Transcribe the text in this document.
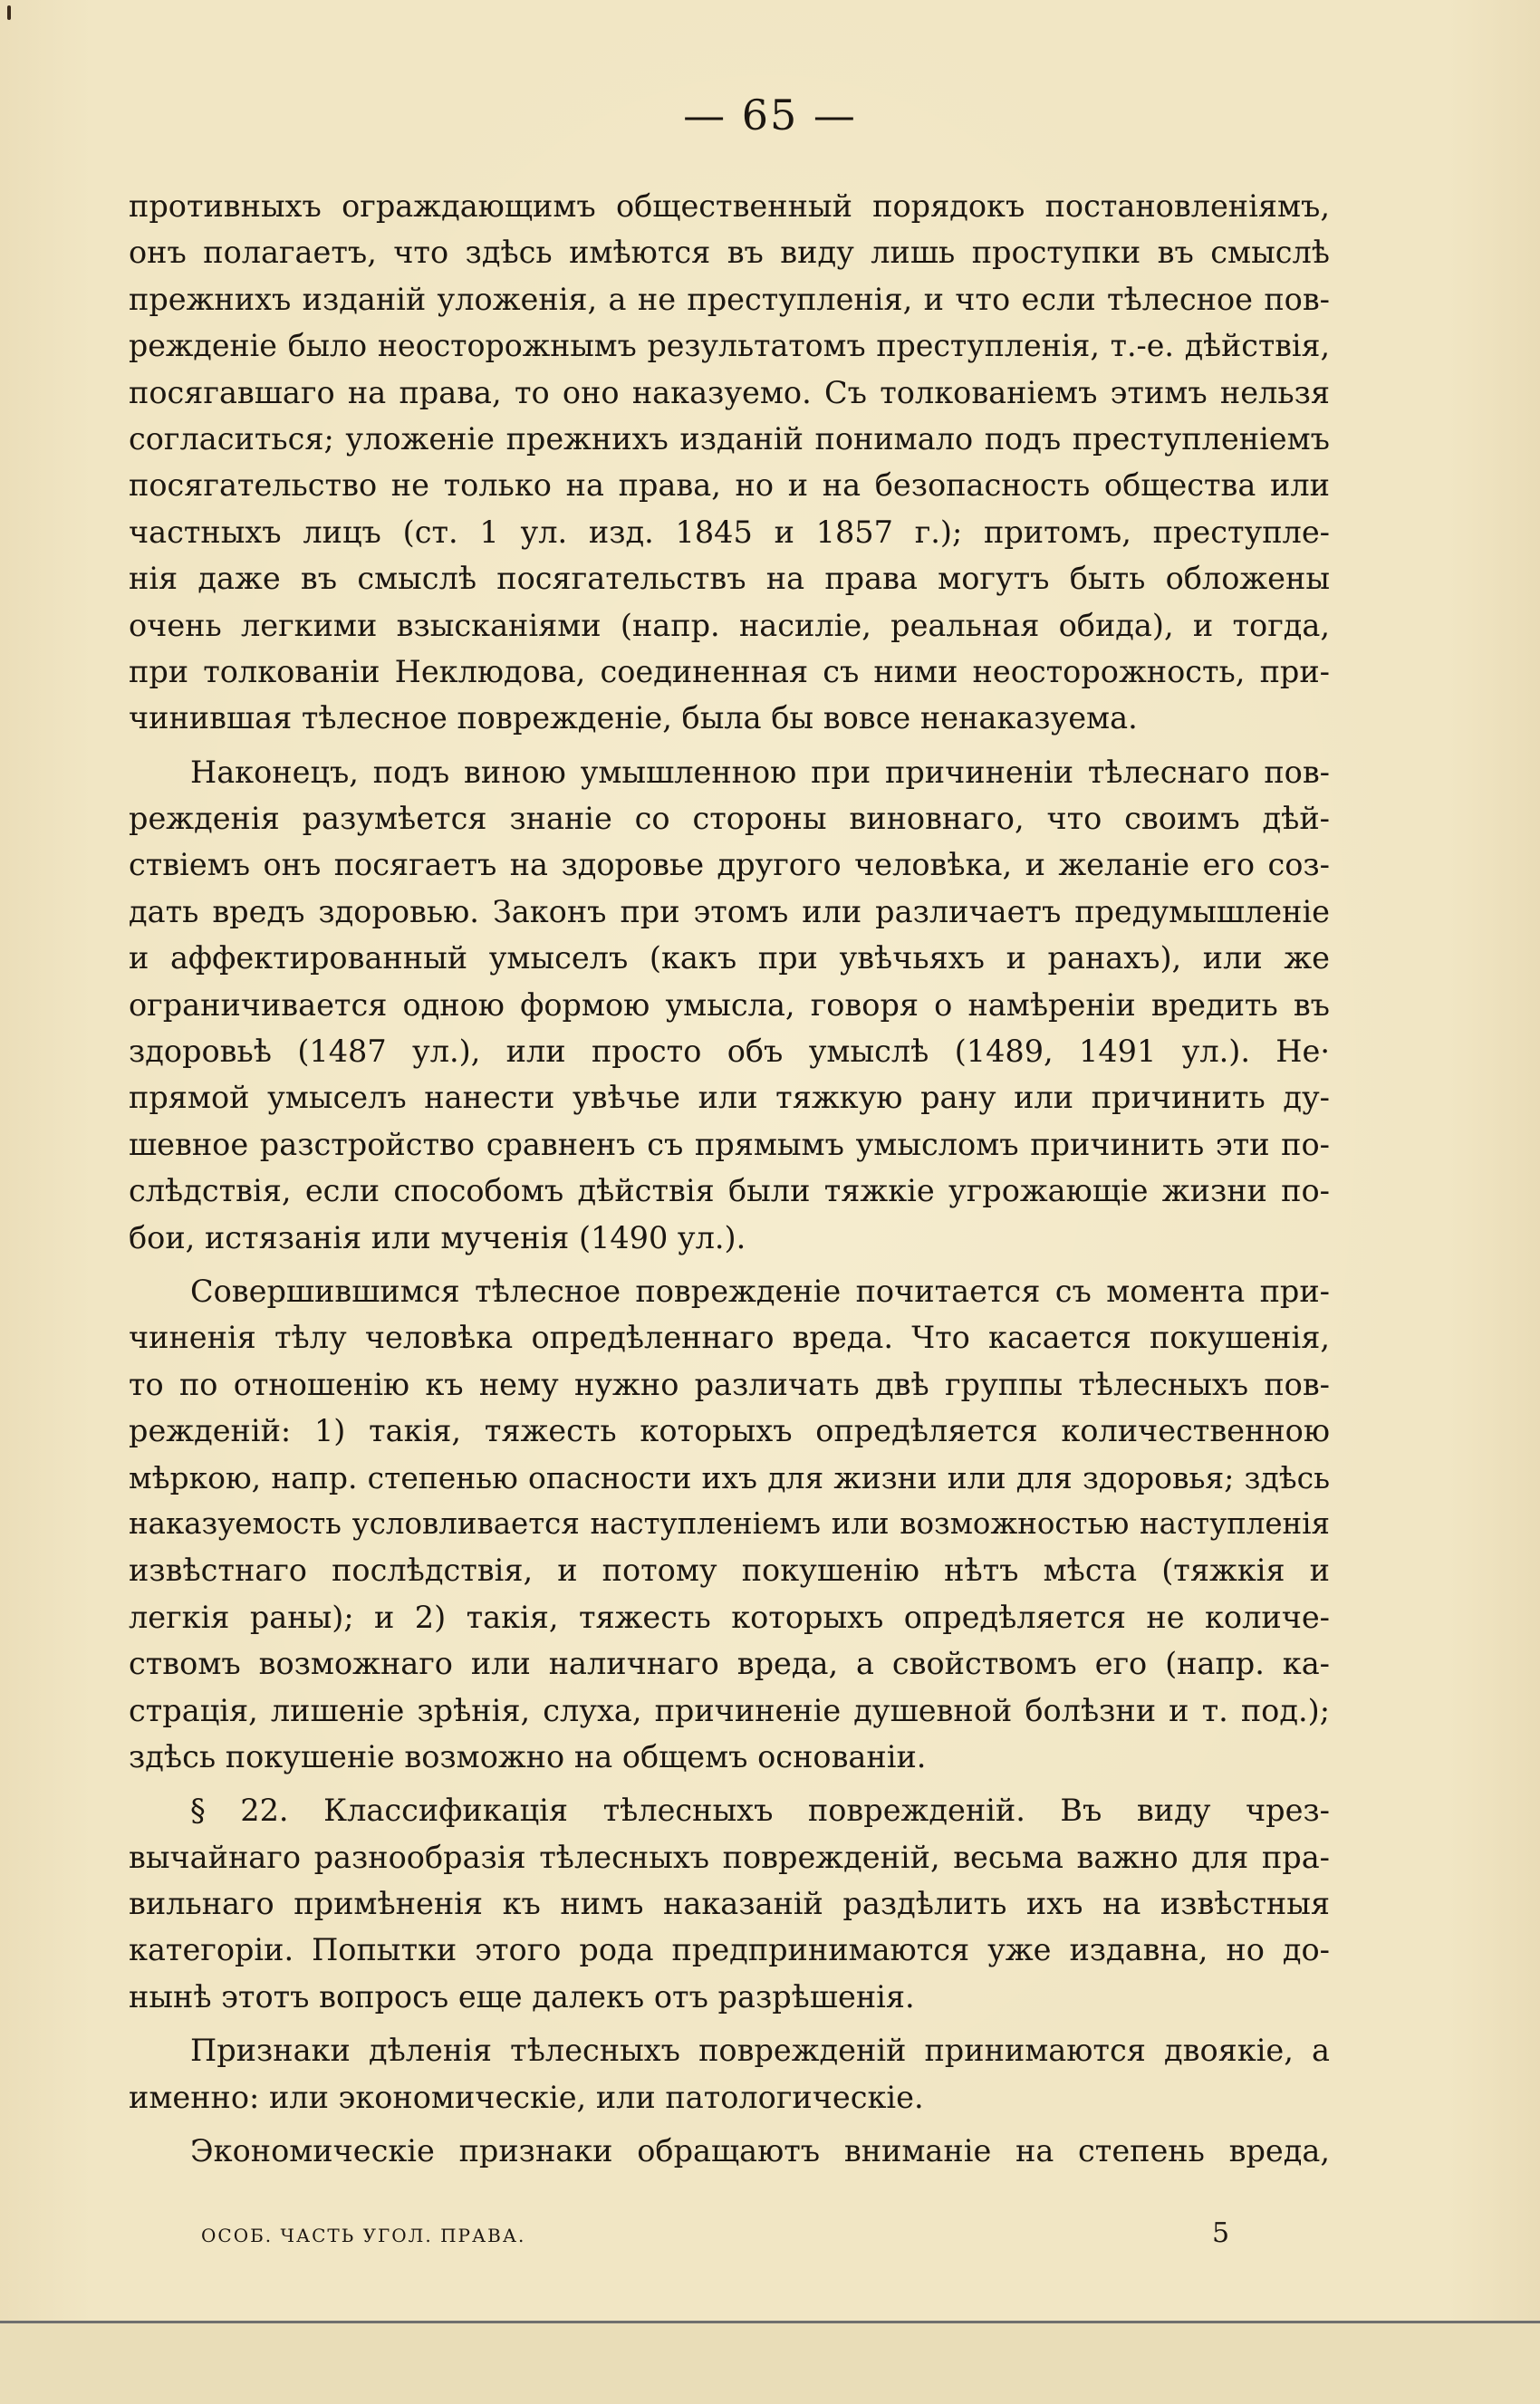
— 65 —
противныхъ ограждающимъ общественный порядокъ постановленіямъ,
онъ полагаетъ, что здѣсь имѣются въ виду лишь проступки въ смыслѣ
прежнихъ изданій уложенія, а не преступленія, и что если тѣлесное пов-
режденіе было неосторожнымъ результатомъ преступленія, т.-е. дѣйствія,
посягавшаго на права, то оно наказуемо. Съ толкованіемъ этимъ нельзя
согласиться; уложеніе прежнихъ изданій понимало подъ преступленіемъ
посягательство не только на права, но и на безопасность общества или
частныхъ лицъ (ст. 1 ул. изд. 1845 и 1857 г.); притомъ, преступле-
нія даже въ смыслѣ посягательствъ на права могутъ быть обложены
очень легкими взысканіями (напр. насиліе, реальная обида), и тогда,
при толкованіи Неклюдова, соединенная съ ними неосторожность, при-
чинившая тѣлесное поврежденіе, была бы вовсе ненаказуема.
Наконецъ, подъ виною умышленною при причиненіи тѣлеснаго пов-
режденія разумѣется знаніе со стороны виновнаго, что своимъ дѣй-
ствіемъ онъ посягаетъ на здоровье другого человѣка, и желаніе его соз-
дать вредъ здоровью. Законъ при этомъ или различаетъ предумышленіе
и аффектированный умыселъ (какъ при увѣчьяхъ и ранахъ), или же
ограничивается одною формою умысла, говоря о намѣреніи вредить въ
здоровьѣ (1487 ул.), или просто объ умыслѣ (1489, 1491 ул.). Не·
прямой умыселъ нанести увѣчье или тяжкую рану или причинить ду-
шевное разстройство сравненъ съ прямымъ умысломъ причинить эти по-
слѣдствія, если способомъ дѣйствія были тяжкіе угрожающіе жизни по-
бои, истязанія или мученія (1490 ул.).
Совершившимся тѣлесное поврежденіе почитается съ момента при-
чиненія тѣлу человѣка опредѣленнаго вреда. Что касается покушенія,
то по отношенію къ нему нужно различать двѣ группы тѣлесныхъ пов-
режденій: 1) такія, тяжесть которыхъ опредѣляется количественною
мѣркою, напр. степенью опасности ихъ для жизни или для здоровья; здѣсь
наказуемость условливается наступленіемъ или возможностью наступленія
извѣстнаго послѣдствія, и потому покушенію нѣтъ мѣста (тяжкія и
легкія раны); и 2) такія, тяжесть которыхъ опредѣляется не количе-
ствомъ возможнаго или наличнаго вреда, а свойствомъ его (напр. ка-
страція, лишеніе зрѣнія, слуха, причиненіе душевной болѣзни и т. под.);
здѣсь покушеніе возможно на общемъ основаніи.
§ 22. Классификація тѣлесныхъ поврежденій. Въ виду чрез-
вычайнаго разнообразія тѣлесныхъ поврежденій, весьма важно для пра-
вильнаго примѣненія къ нимъ наказаній раздѣлить ихъ на извѣстныя
категоріи. Попытки этого рода предпринимаются уже издавна, но до-
нынѣ этотъ вопросъ еще далекъ отъ разрѣшенія.
Признаки дѣленія тѣлесныхъ поврежденій принимаются двоякіе, а
именно: или экономическіе, или патологическіе.
Экономическіе признаки обращаютъ вниманіе на степень вреда,
ОСОБ. ЧАСТЬ УГОЛ. ПРАВА.	5
